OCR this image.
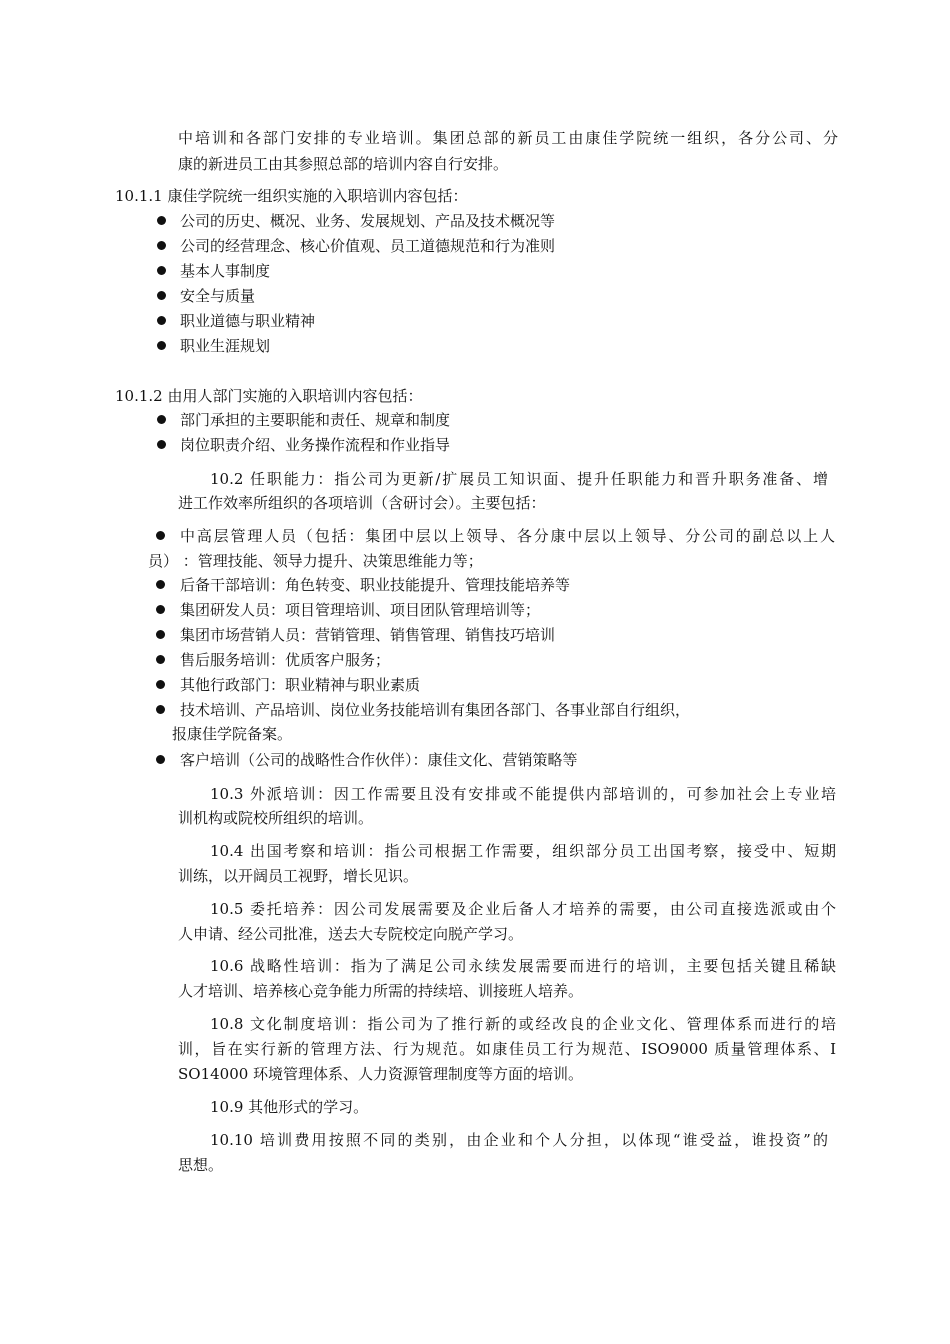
中培训和各部门安排的专业培训。集团总部的新员工由康佳学院统一组织，各分公司、分
康的新进员工由其参照总部的培训内容自行安排。
10.1.1 康佳学院统一组织实施的入职培训内容包括：
公司的历史、概况、业务、发展规划、产品及技术概况等
公司的经营理念、核心价值观、员工道德规范和行为准则
基本人事制度
安全与质量
职业道德与职业精神
职业生涯规划
10.1.2 由用人部门实施的入职培训内容包括：
部门承担的主要职能和责任、规章和制度
岗位职责介绍、业务操作流程和作业指导
10.2 任职能力：指公司为更新/扩展员工知识面、提升任职能力和晋升职务准备、增
进工作效率所组织的各项培训（含研讨会）。主要包括：
中高层管理人员（包括：集团中层以上领导、各分康中层以上领导、分公司的副总以上人
员） ：管理技能、领导力提升、决策思维能力等；
后备干部培训：角色转变、职业技能提升、管理技能培养等
集团研发人员：项目管理培训、项目团队管理培训等；
集团市场营销人员：营销管理、销售管理、销售技巧培训
售后服务培训：优质客户服务；
其他行政部门：职业精神与职业素质
技术培训、产品培训、岗位业务技能培训有集团各部门、各事业部自行组织，
报康佳学院备案。
客户培训（公司的战略性合作伙伴）：康佳文化、营销策略等
10.3 外派培训：因工作需要且没有安排或不能提供内部培训的，可参加社会上专业培
训机构或院校所组织的培训。
10.4 出国考察和培训：指公司根据工作需要，组织部分员工出国考察，接受中、短期
训练，以开阔员工视野，增长见识。
10.5 委托培养：因公司发展需要及企业后备人才培养的需要，由公司直接选派或由个
人申请、经公司批准，送去大专院校定向脱产学习。
10.6 战略性培训：指为了满足公司永续发展需要而进行的培训，主要包括关键且稀缺
人才培训、培养核心竞争能力所需的持续培、训接班人培养。
10.8 文化制度培训：指公司为了推行新的或经改良的企业文化、管理体系而进行的培
训，旨在实行新的管理方法、行为规范。如康佳员工行为规范、ISO9000 质量管理体系、I
SO14000 环境管理体系、人力资源管理制度等方面的培训。
10.9 其他形式的学习。
10.10 培训费用按照不同的类别，由企业和个人分担，以体现“谁受益，谁投资”的
思想。
